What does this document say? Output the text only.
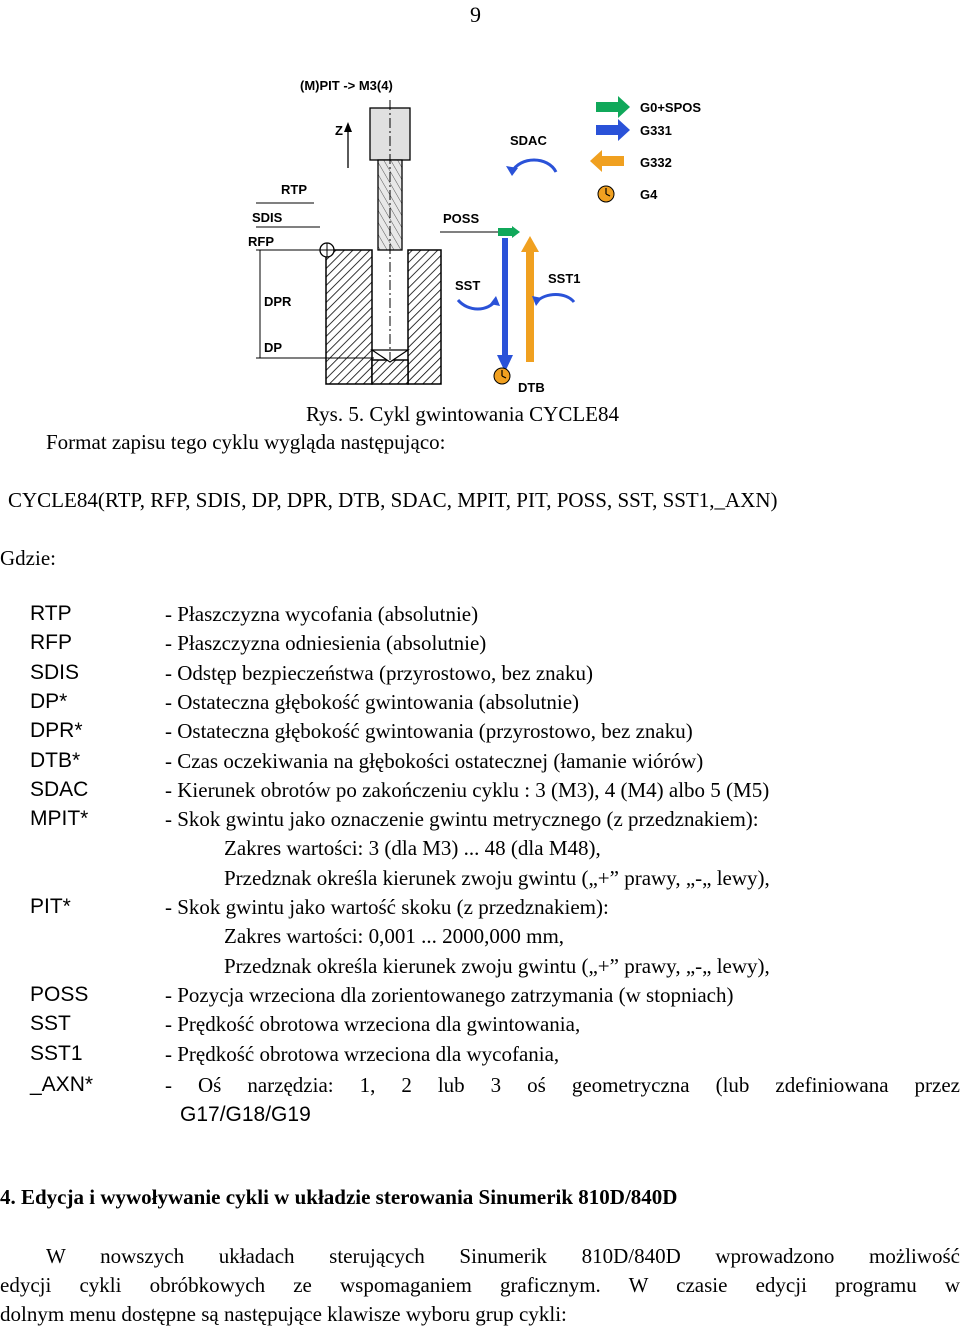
9
Z
(M)PIT -> M3(4)
RTP
SDIS
RFP
DPR
DP
SDAC
POSS
SST	SST1
DTB
G0+SPOS
G331
G332
G4
Rys. 5. Cykl gwintowania CYCLE84
Format zapisu tego cyklu wygląda następująco:
CYCLE84(RTP, RFP, SDIS, DP, DPR, DTB, SDAC, MPIT, PIT, POSS, SST, SST1,_AXN)
Gdzie:
RTP	- Płaszczyzna wycofania (absolutnie)
RFP	- Płaszczyzna odniesienia (absolutnie)
SDIS	- Odstęp bezpieczeństwa (przyrostowo, bez znaku)
DP*	- Ostateczna głębokość gwintowania (absolutnie)
DPR*	- Ostateczna głębokość gwintowania (przyrostowo, bez znaku)
DTB*	- Czas oczekiwania na głębokości ostatecznej (łamanie wiórów)
SDAC	- Kierunek obrotów po zakończeniu cyklu : 3 (M3), 4 (M4) albo 5 (M5)
MPIT*	- Skok gwintu jako oznaczenie gwintu metrycznego (z przedznakiem):
Zakres wartości: 3 (dla M3) ... 48 (dla M48),
Przedznak określa kierunek zwoju gwintu („+” prawy, „-„ lewy),
PIT*	- Skok gwintu jako wartość skoku (z przedznakiem):
Zakres wartości: 0,001 ... 2000,000 mm,
Przedznak określa kierunek zwoju gwintu („+” prawy, „-„ lewy),
POSS	- Pozycja wrzeciona dla zorientowanego zatrzymania (w stopniach)
SST	- Prędkość obrotowa wrzeciona dla gwintowania,
SST1	- Prędkość obrotowa wrzeciona dla wycofania,
_AXN*	- Oś narzędzia: 1, 2 lub 3 oś geometryczna (lub zdefiniowana przez
G17/G18/G19
4. Edycja i wywoływanie cykli w układzie sterowania Sinumerik 810D/840D
W nowszych układach sterujących Sinumerik 810D/840D wprowadzono możliwość
edycji cykli obróbkowych ze wspomaganiem graficznym. W czasie edycji programu w
dolnym menu dostępne są następujące klawisze wyboru grup cykli:
